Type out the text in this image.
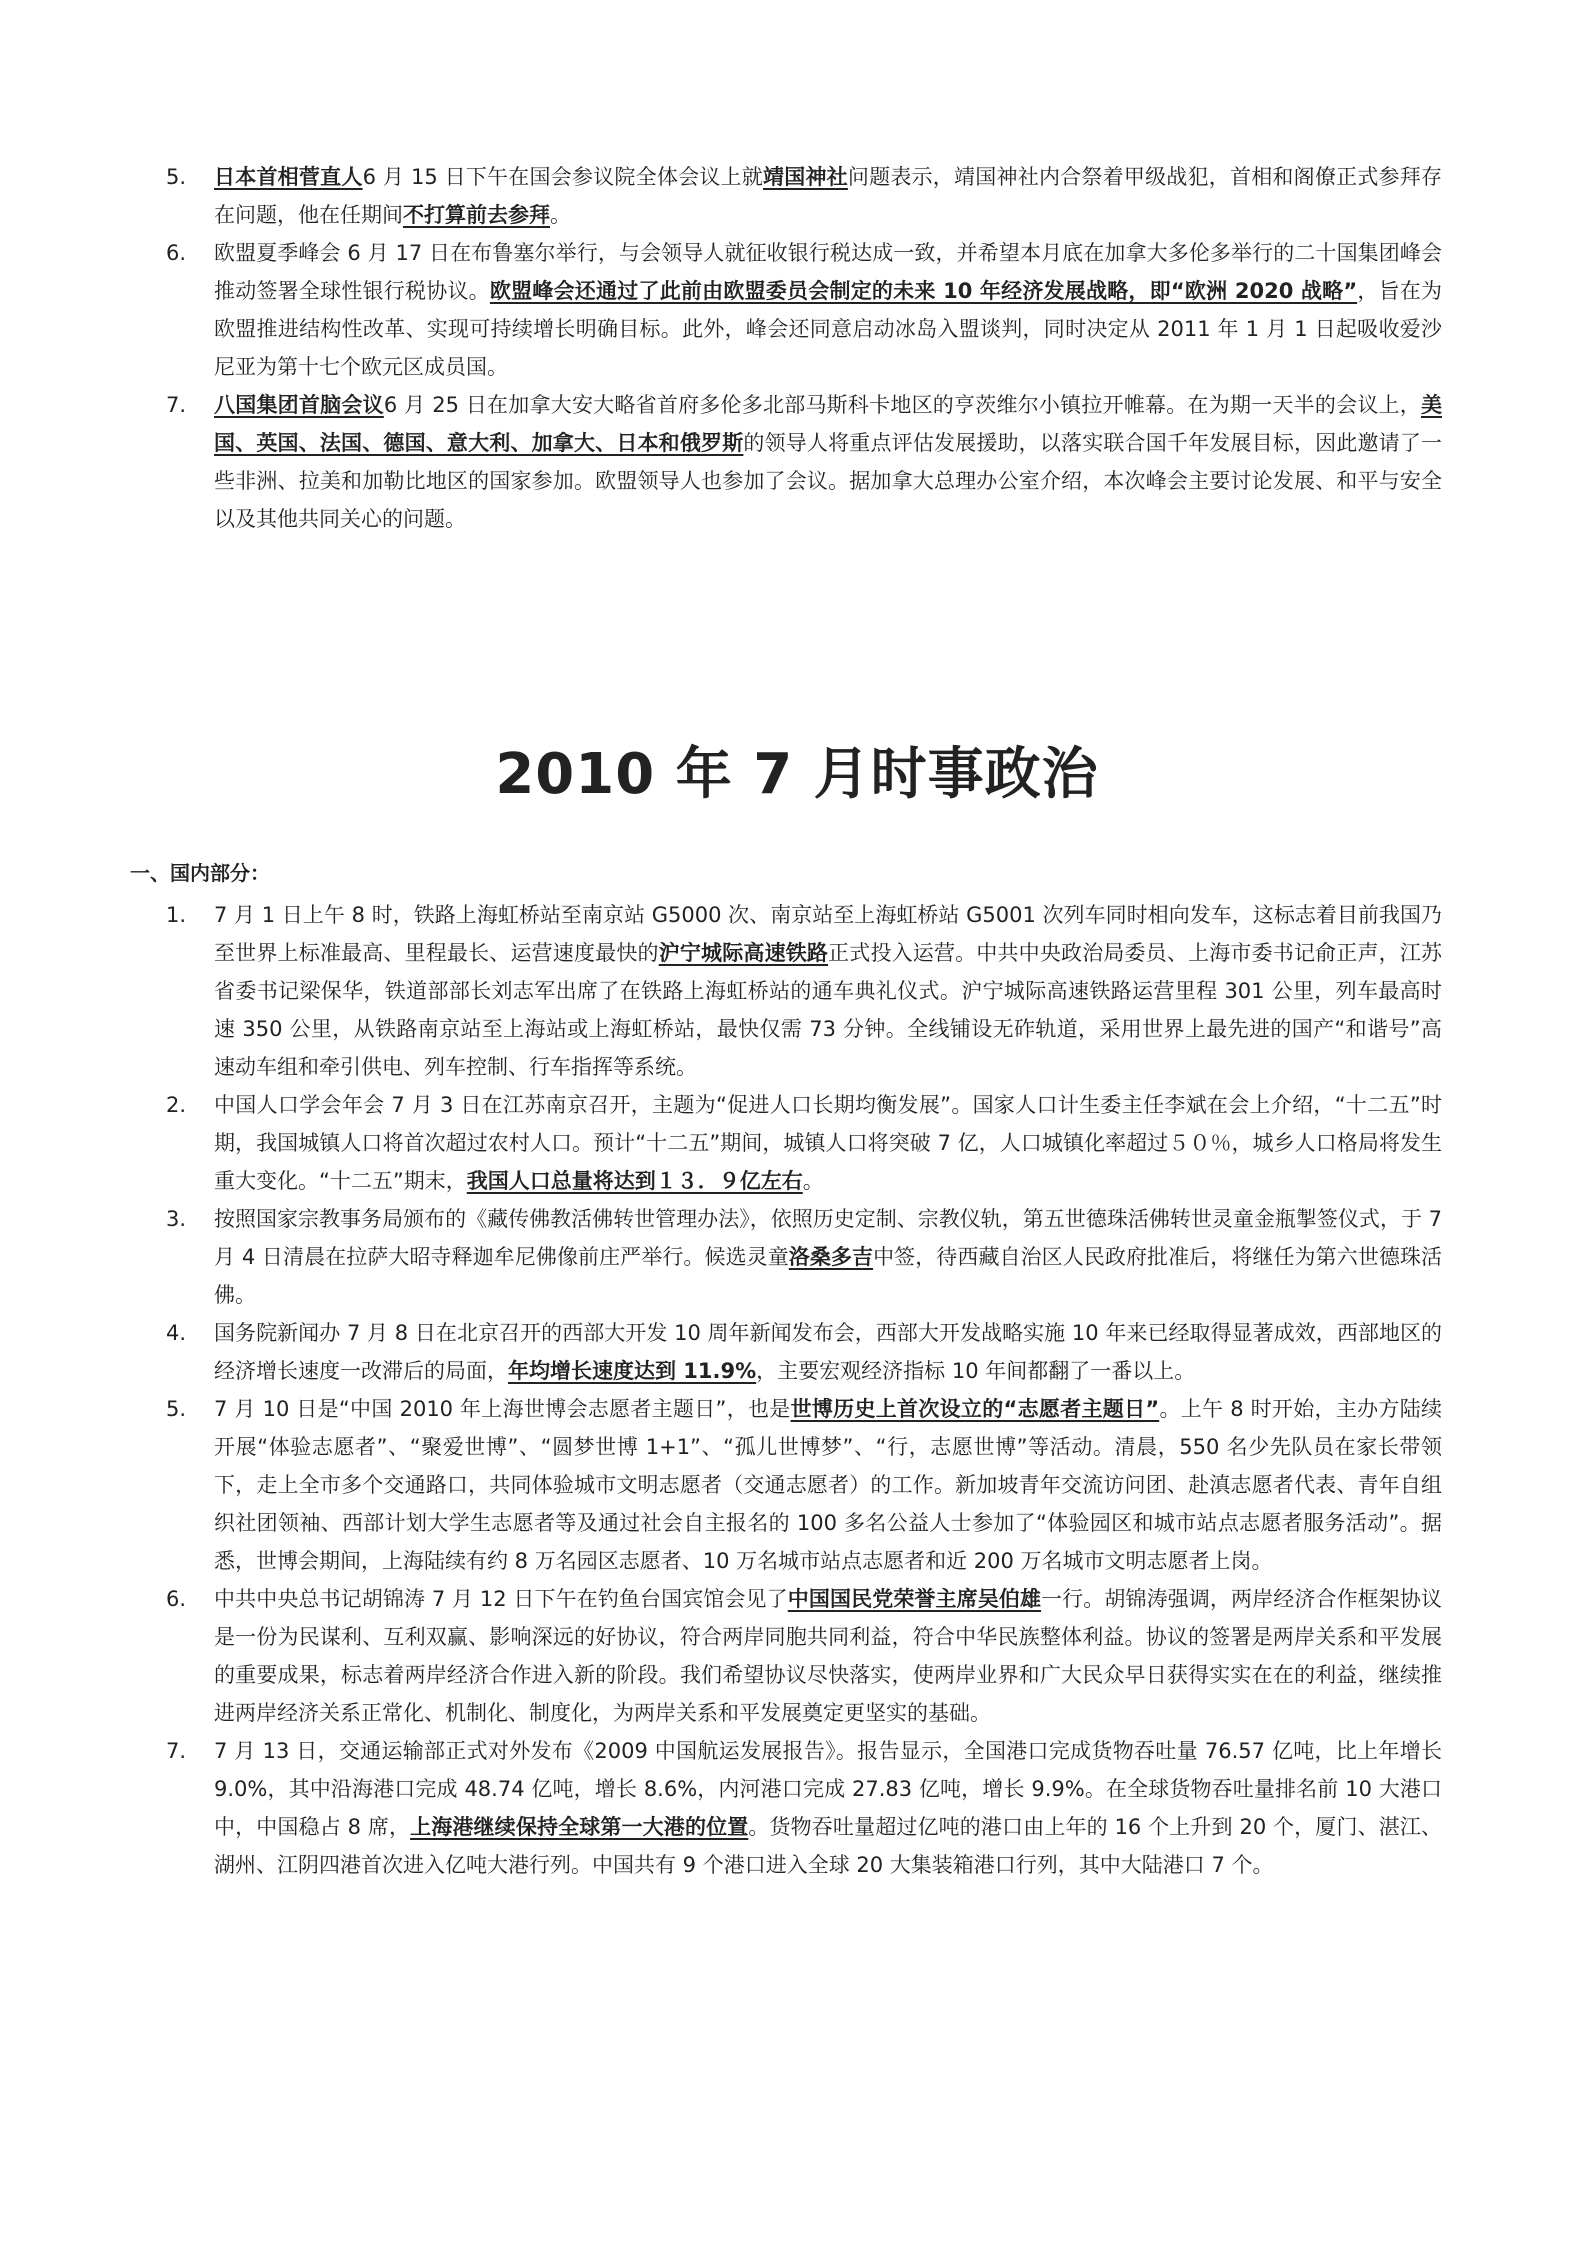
5. 日本首相菅直人6 月 15 日下午在国会参议院全体会议上就靖国神社问题表示，靖国神社内合祭着甲级战犯，首相和阁僚正式参拜存在问题，他在任期间不打算前去参拜。
6. 欧盟夏季峰会 6 月 17 日在布鲁塞尔举行，与会领导人就征收银行税达成一致，并希望本月底在加拿大多伦多举行的二十国集团峰会推动签署全球性银行税协议。欧盟峰会还通过了此前由欧盟委员会制定的未来 10 年经济发展战略，即“欧洲 2020 战略”，旨在为欧盟推进结构性改革、实现可持续增长明确目标。此外，峰会还同意启动冰岛入盟谈判，同时决定从 2011 年 1 月 1 日起吸收爱沙尼亚为第十七个欧元区成员国。
7. 八国集团首脑会议6 月 25 日在加拿大安大略省首府多伦多北部马斯科卡地区的亨茨维尔小镇拉开帷幕。在为期一天半的会议上，美国、英国、法国、德国、意大利、加拿大、日本和俄罗斯的领导人将重点评估发展援助，以落实联合国千年发展目标，因此邀请了一些非洲、拉美和加勒比地区的国家参加。欧盟领导人也参加了会议。据加拿大总理办公室介绍，本次峰会主要讨论发展、和平与安全以及其他共同关心的问题。
2010 年 7 月时事政治
一、国内部分：
1. 7 月 1 日上午 8 时，铁路上海虹桥站至南京站 G5000 次、南京站至上海虹桥站 G5001 次列车同时相向发车，这标志着目前我国乃至世界上标准最高、里程最长、运营速度最快的沪宁城际高速铁路正式投入运营。中共中央政治局委员、上海市委书记俞正声，江苏省委书记梁保华，铁道部部长刘志军出席了在铁路上海虹桥站的通车典礼仪式。沪宁城际高速铁路运营里程 301 公里，列车最高时速 350 公里，从铁路南京站至上海站或上海虹桥站，最快仅需 73 分钟。全线铺设无砟轨道，采用世界上最先进的国产“和谐号”高速动车组和牵引供电、列车控制、行车指挥等系统。
2. 中国人口学会年会 7 月 3 日在江苏南京召开，主题为“促进人口长期均衡发展”。国家人口计生委主任李斌在会上介绍，“十二五”时期，我国城镇人口将首次超过农村人口。预计“十二五”期间，城镇人口将突破 7 亿，人口城镇化率超过５０％，城乡人口格局将发生重大变化。“十二五”期末，我国人口总量将达到１３．９亿左右。
3. 按照国家宗教事务局颁布的《藏传佛教活佛转世管理办法》，依照历史定制、宗教仪轨，第五世德珠活佛转世灵童金瓶掣签仪式，于 7 月 4 日清晨在拉萨大昭寺释迦牟尼佛像前庄严举行。候选灵童洛桑多吉中签，待西藏自治区人民政府批准后，将继任为第六世德珠活佛。
4. 国务院新闻办 7 月 8 日在北京召开的西部大开发 10 周年新闻发布会，西部大开发战略实施 10 年来已经取得显著成效，西部地区的经济增长速度一改滞后的局面，年均增长速度达到 11.9%，主要宏观经济指标 10 年间都翻了一番以上。
5. 7 月 10 日是“中国 2010 年上海世博会志愿者主题日”，也是世博历史上首次设立的“志愿者主题日”。上午 8 时开始，主办方陆续开展“体验志愿者”、“聚爱世博”、“圆梦世博 1+1”、“孤儿世博梦”、“行，志愿世博”等活动。清晨，550 名少先队员在家长带领下，走上全市多个交通路口，共同体验城市文明志愿者（交通志愿者）的工作。新加坡青年交流访问团、赴滇志愿者代表、青年自组织社团领袖、西部计划大学生志愿者等及通过社会自主报名的 100 多名公益人士参加了“体验园区和城市站点志愿者服务活动”。据悉，世博会期间，上海陆续有约 8 万名园区志愿者、10 万名城市站点志愿者和近 200 万名城市文明志愿者上岗。
6. 中共中央总书记胡锦涛 7 月 12 日下午在钓鱼台国宾馆会见了中国国民党荣誉主席吴伯雄一行。胡锦涛强调，两岸经济合作框架协议是一份为民谋利、互利双赢、影响深远的好协议，符合两岸同胞共同利益，符合中华民族整体利益。协议的签署是两岸关系和平发展的重要成果，标志着两岸经济合作进入新的阶段。我们希望协议尽快落实，使两岸业界和广大民众早日获得实实在在的利益，继续推进两岸经济关系正常化、机制化、制度化，为两岸关系和平发展奠定更坚实的基础。
7. 7 月 13 日，交通运输部正式对外发布《2009 中国航运发展报告》。报告显示，全国港口完成货物吞吐量 76.57 亿吨，比上年增长 9.0%，其中沿海港口完成 48.74 亿吨，增长 8.6%，内河港口完成 27.83 亿吨，增长 9.9%。在全球货物吞吐量排名前 10 大港口中，中国稳占 8 席，上海港继续保持全球第一大港的位置。货物吞吐量超过亿吨的港口由上年的 16 个上升到 20 个，厦门、湛江、湖州、江阴四港首次进入亿吨大港行列。中国共有 9 个港口进入全球 20 大集装箱港口行列，其中大陆港口 7 个。
